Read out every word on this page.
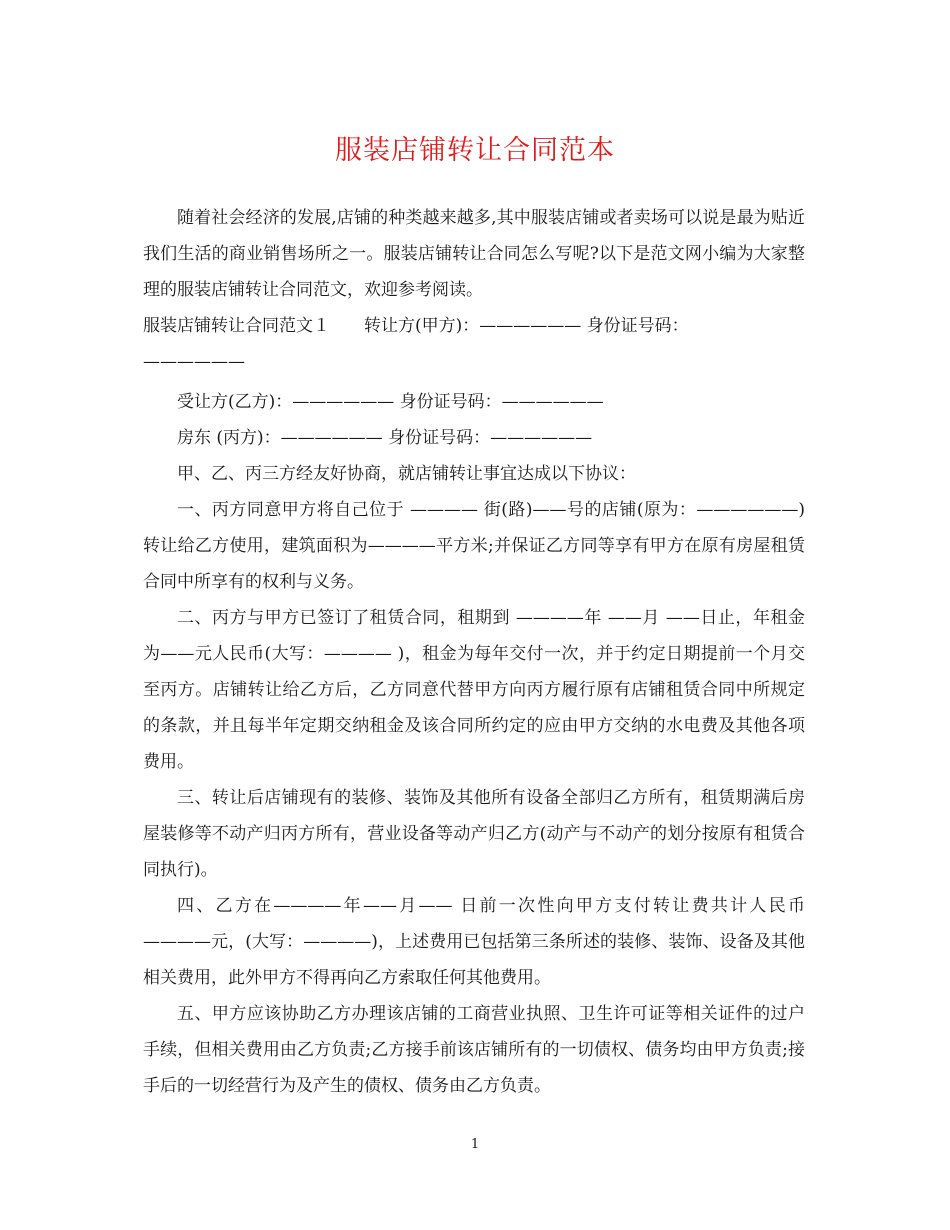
服装店铺转让合同范本

随着社会经济的发展,店铺的种类越来越多,其中服装店铺或者卖场可以说是最为贴近我们生活的商业销售场所之一。服装店铺转让合同怎么写呢?以下是范文网小编为大家整理的服装店铺转让合同范文，欢迎参考阅读。

服装店铺转让合同范文１　　转让方(甲方)：—————— 身份证号码：

——————

受让方(乙方)：—————— 身份证号码：——————

房东 (丙方)：—————— 身份证号码：——————

甲、乙、丙三方经友好协商，就店铺转让事宜达成以下协议：

一、丙方同意甲方将自己位于 ———— 街(路)——号的店铺(原为：——————)转让给乙方使用，建筑面积为————平方米;并保证乙方同等享有甲方在原有房屋租赁合同中所享有的权利与义务。

二、丙方与甲方已签订了租赁合同，租期到 ————年 ——月 ——日止，年租金为——元人民币(大写：———— )，租金为每年交付一次，并于约定日期提前一个月交至丙方。店铺转让给乙方后，乙方同意代替甲方向丙方履行原有店铺租赁合同中所规定的条款，并且每半年定期交纳租金及该合同所约定的应由甲方交纳的水电费及其他各项费用。

三、转让后店铺现有的装修、装饰及其他所有设备全部归乙方所有，租赁期满后房屋装修等不动产归丙方所有，营业设备等动产归乙方(动产与不动产的划分按原有租赁合同执行)。

四、乙方在————年——月—— 日前一次性向甲方支付转让费共计人民币————元，(大写：————)，上述费用已包括第三条所述的装修、装饰、设备及其他相关费用，此外甲方不得再向乙方索取任何其他费用。

五、甲方应该协助乙方办理该店铺的工商营业执照、卫生许可证等相关证件的过户手续，但相关费用由乙方负责;乙方接手前该店铺所有的一切债权、债务均由甲方负责;接手后的一切经营行为及产生的债权、债务由乙方负责。

1
